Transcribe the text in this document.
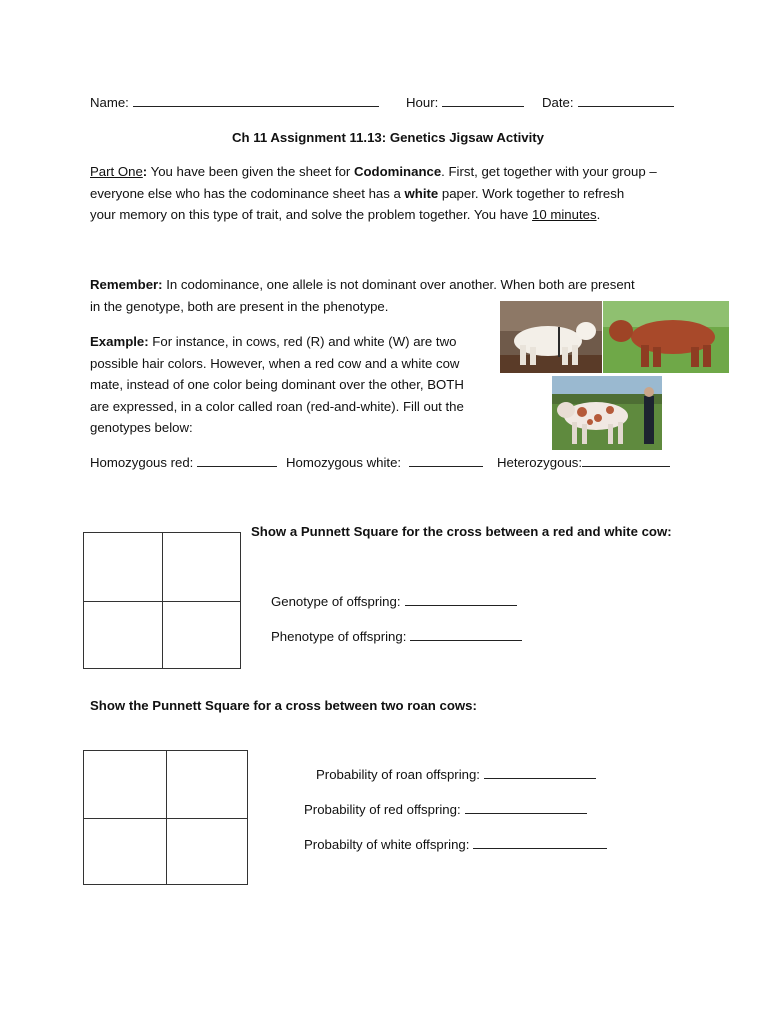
Name:	Hour:	Date:
Ch 11 Assignment 11.13: Genetics Jigsaw Activity
Part One: You have been given the sheet for Codominance. First, get together with your group –
everyone else who has the codominance sheet has a white paper. Work together to refresh
your memory on this type of trait, and solve the problem together. You have 10 minutes.
Remember: In codominance, one allele is not dominant over another. When both are present
in the genotype, both are present in the phenotype.
Example: For instance, in cows, red (R) and white (W) are two
possible hair colors. However, when a red cow and a white cow
mate, instead of one color being dominant over the other, BOTH
are expressed, in a color called roan (red-and-white). Fill out the
genotypes below:
Homozygous red:	Homozygous white:	Heterozygous:
Show a Punnett Square for the cross between a red and white cow:
Genotype of offspring:
Phenotype of offspring:
Show the Punnett Square for a cross between two roan cows:
Probability of roan offspring:
Probability of red offspring:
Probabilty of white offspring:
